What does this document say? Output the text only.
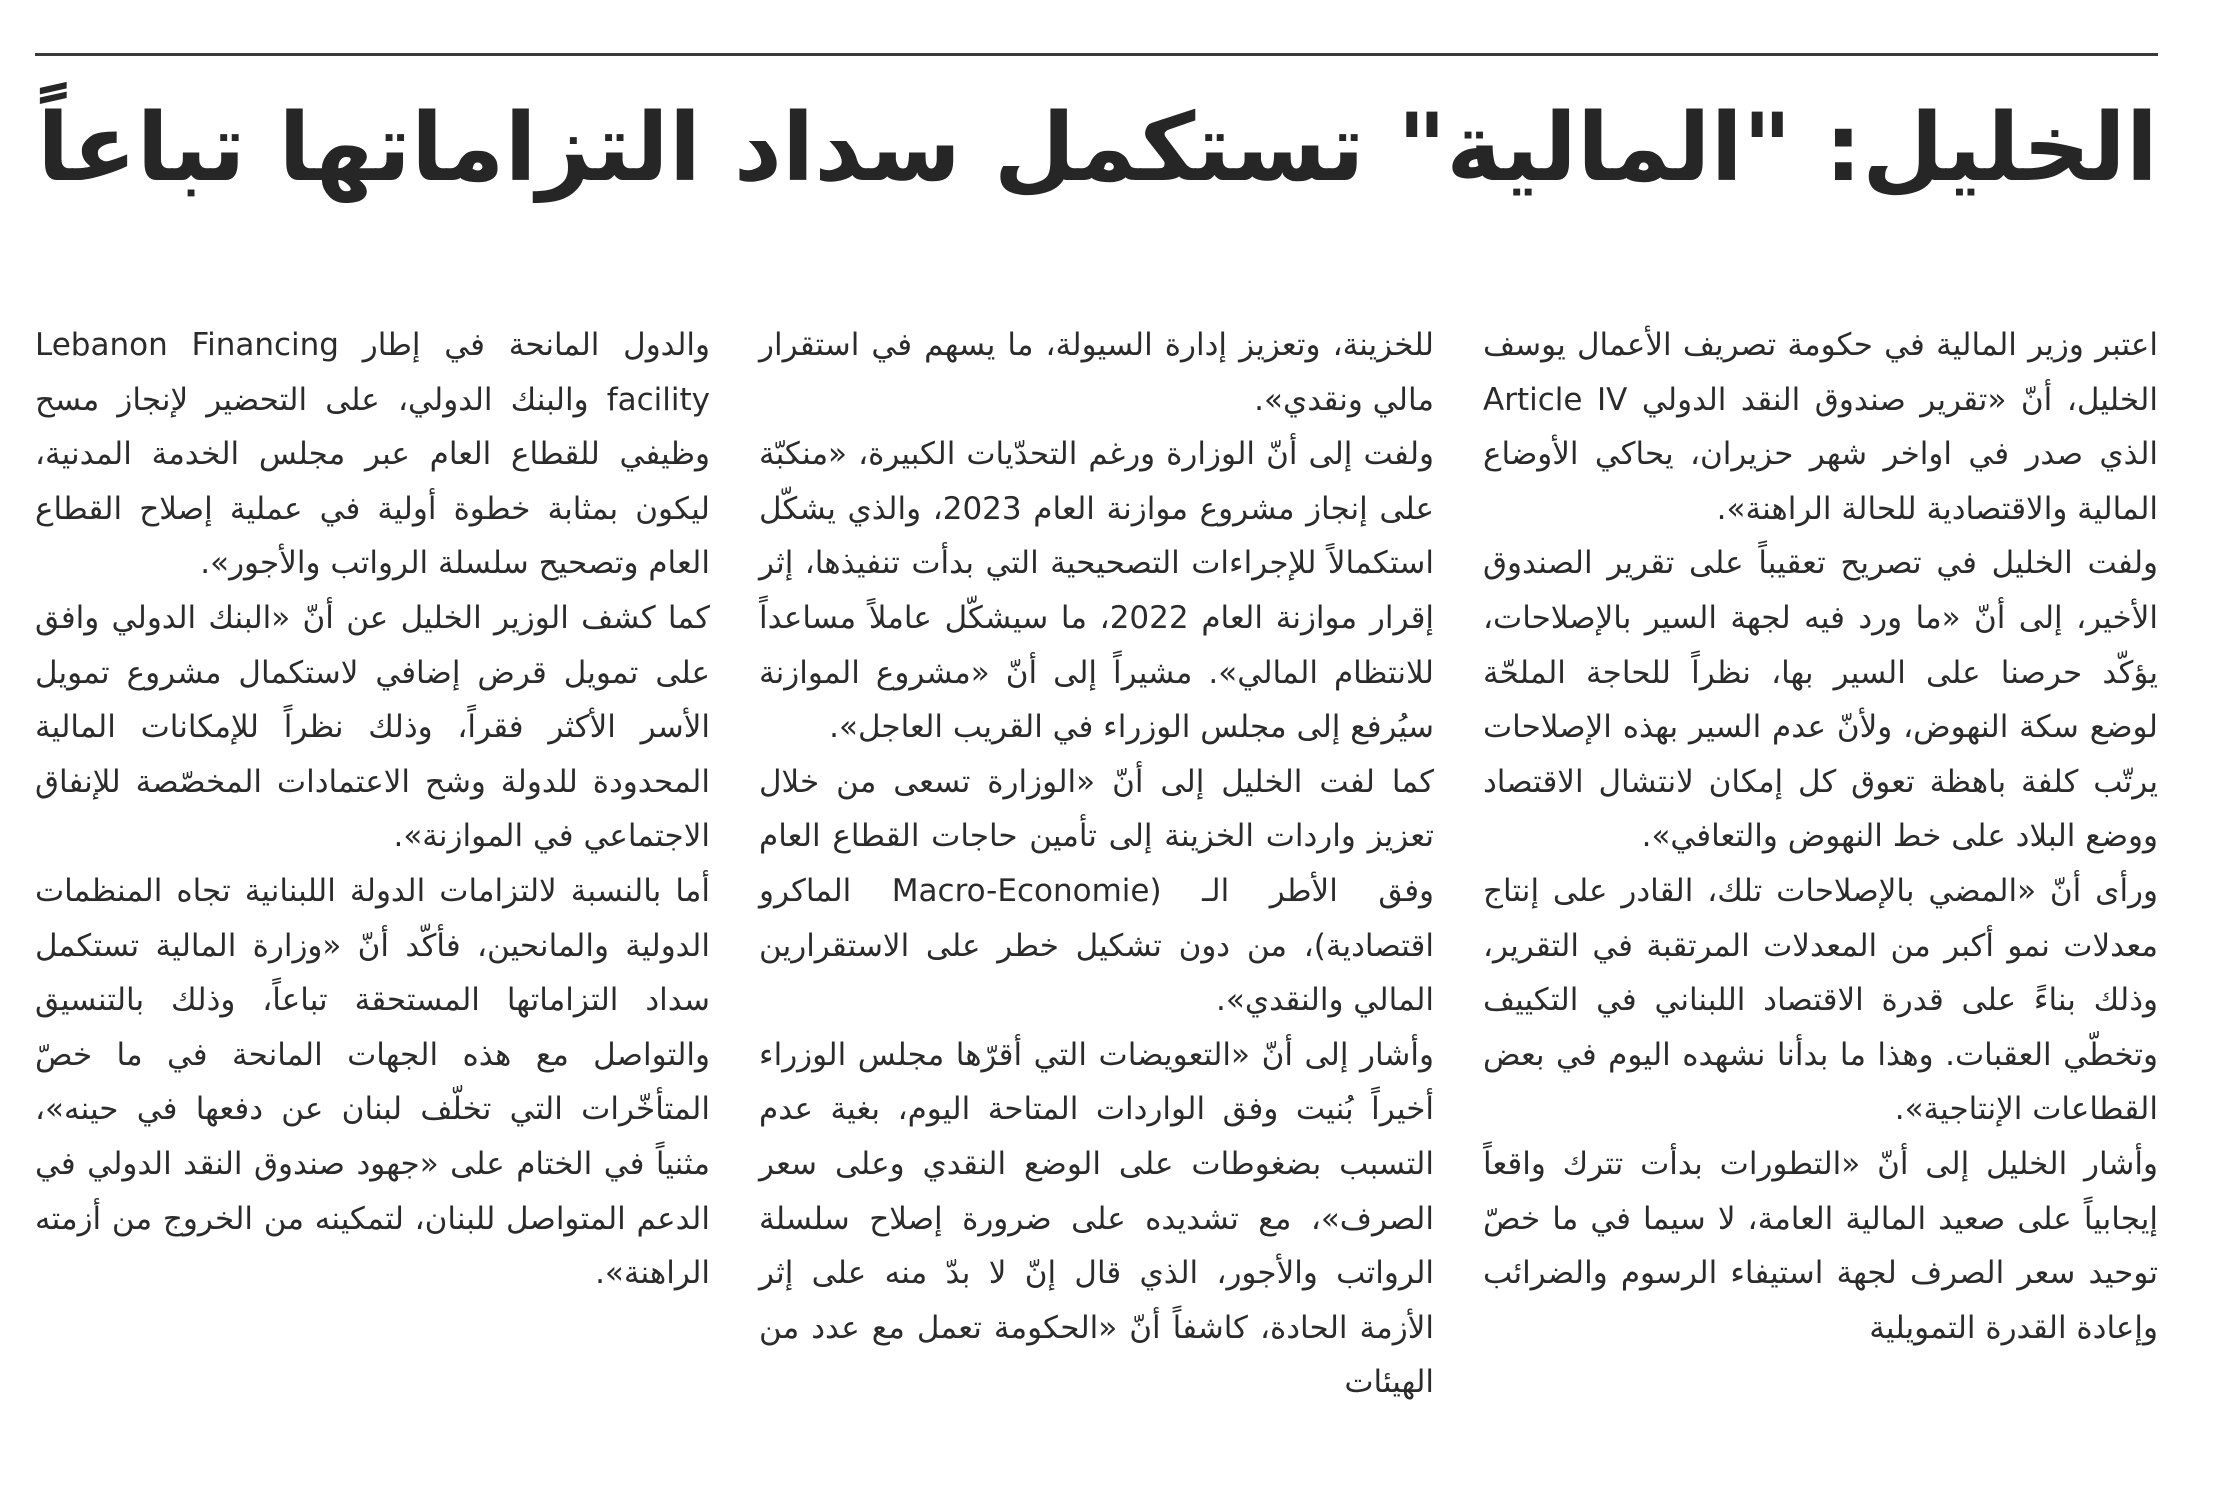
الخليل: "المالية" تستكمل سداد التزاماتها تباعاً

اعتبر وزير المالية في حكومة تصريف الأعمال يوسف الخليل، أنّ «تقرير صندوق النقد الدولي Article IV الذي صدر في اواخر شهر حزيران، يحاكي الأوضاع المالية والاقتصادية للحالة الراهنة».

ولفت الخليل في تصريح تعقيباً على تقرير الصندوق الأخير، إلى أنّ «ما ورد فيه لجهة السير بالإصلاحات، يؤكّد حرصنا على السير بها، نظراً للحاجة الملحّة لوضع سكة النهوض، ولأنّ عدم السير بهذه الإصلاحات يرتّب كلفة باهظة تعوق كل إمكان لانتشال الاقتصاد ووضع البلاد على خط النهوض والتعافي».

ورأى أنّ «المضي بالإصلاحات تلك، القادر على إنتاج معدلات نمو أكبر من المعدلات المرتقبة في التقرير، وذلك بناءً على قدرة الاقتصاد اللبناني في التكييف وتخطّي العقبات. وهذا ما بدأنا نشهده اليوم في بعض القطاعات الإنتاجية».

وأشار الخليل إلى أنّ «التطورات بدأت تترك واقعاً إيجابياً على صعيد المالية العامة، لا سيما في ما خصّ توحيد سعر الصرف لجهة استيفاء الرسوم والضرائب وإعادة القدرة التمويلية

للخزينة، وتعزيز إدارة السيولة، ما يسهم في استقرار مالي ونقدي».

ولفت إلى أنّ الوزارة ورغم التحدّيات الكبيرة، «منكبّة على إنجاز مشروع موازنة العام 2023، والذي يشكّل استكمالاً للإجراءات التصحيحية التي بدأت تنفيذها، إثر إقرار موازنة العام 2022، ما سيشكّل عاملاً مساعداً للانتظام المالي». مشيراً إلى أنّ «مشروع الموازنة سيُرفع إلى مجلس الوزراء في القريب العاجل».

كما لفت الخليل إلى أنّ «الوزارة تسعى من خلال تعزيز واردات الخزينة إلى تأمين حاجات القطاع العام وفق الأطر الـ (Macro-Economie الماكرو اقتصادية)، من دون تشكيل خطر على الاستقرارين المالي والنقدي».

وأشار إلى أنّ «التعويضات التي أقرّها مجلس الوزراء أخيراً بُنيت وفق الواردات المتاحة اليوم، بغية عدم التسبب بضغوطات على الوضع النقدي وعلى سعر الصرف»، مع تشديده على ضرورة إصلاح سلسلة الرواتب والأجور، الذي قال إنّ لا بدّ منه على إثر الأزمة الحادة، كاشفاً أنّ «الحكومة تعمل مع عدد من الهيئات

والدول المانحة في إطار Lebanon Financing facility والبنك الدولي، على التحضير لإنجاز مسح وظيفي للقطاع العام عبر مجلس الخدمة المدنية، ليكون بمثابة خطوة أولية في عملية إصلاح القطاع العام وتصحيح سلسلة الرواتب والأجور».

كما كشف الوزير الخليل عن أنّ «البنك الدولي وافق على تمويل قرض إضافي لاستكمال مشروع تمويل الأسر الأكثر فقراً، وذلك نظراً للإمكانات المالية المحدودة للدولة وشح الاعتمادات المخصّصة للإنفاق الاجتماعي في الموازنة».

أما بالنسبة لالتزامات الدولة اللبنانية تجاه المنظمات الدولية والمانحين، فأكّد أنّ «وزارة المالية تستكمل سداد التزاماتها المستحقة تباعاً، وذلك بالتنسيق والتواصل مع هذه الجهات المانحة في ما خصّ المتأخّرات التي تخلّف لبنان عن دفعها في حينه»، مثنياً في الختام على «جهود صندوق النقد الدولي في الدعم المتواصل للبنان، لتمكينه من الخروج من أزمته الراهنة».
